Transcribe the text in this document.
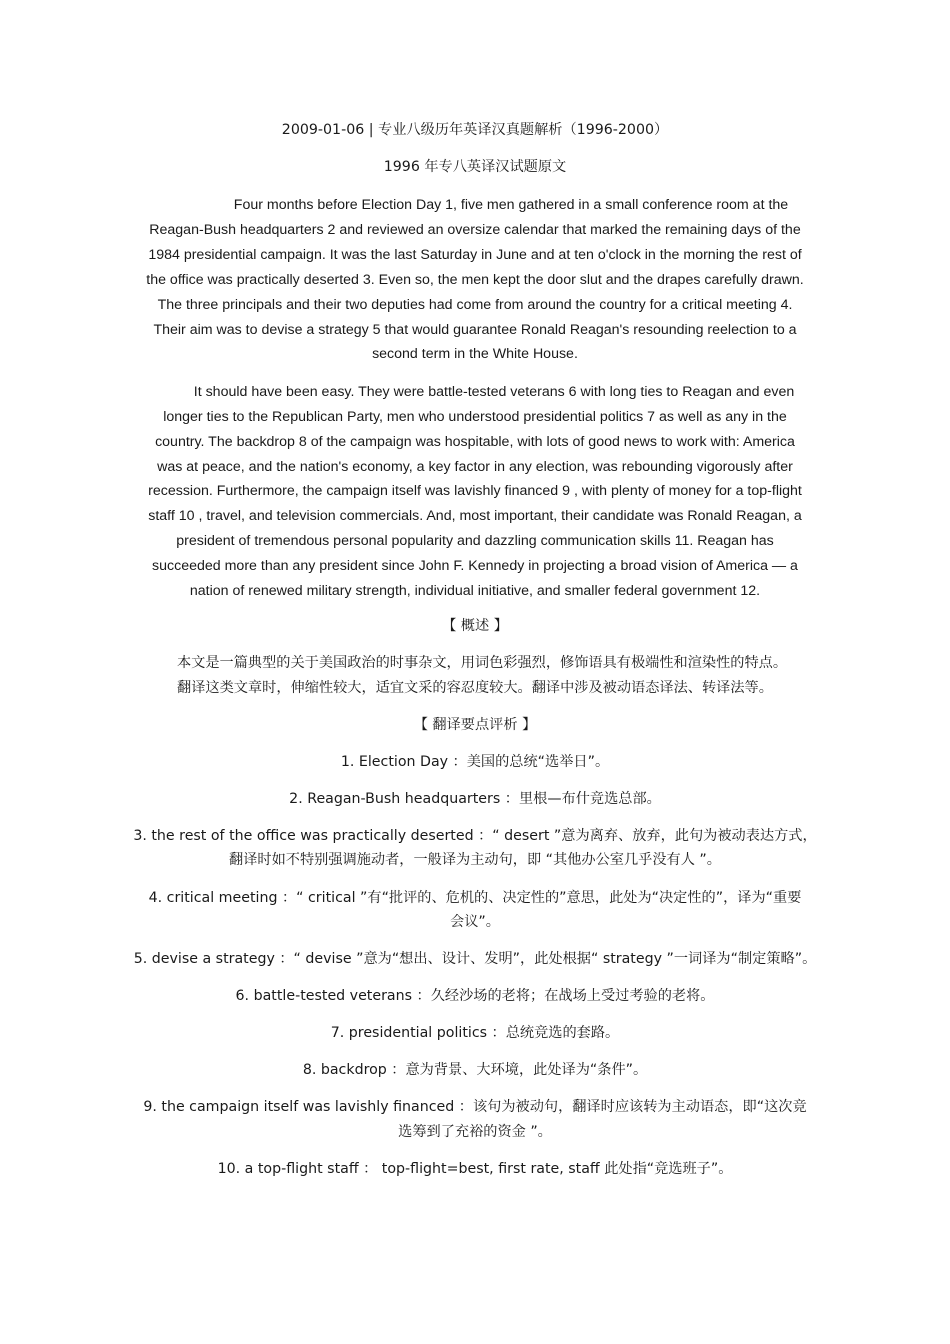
2009-01-06 | 专业八级历年英译汉真题解析（1996-2000）

1996 年专八英译汉试题原文

Four months before Election Day 1, five men gathered in a small conference room at the

Reagan-Bush headquarters 2 and reviewed an oversize calendar that marked the remaining days of the

1984 presidential campaign. It was the last Saturday in June and at ten o'clock in the morning the rest of

the office was practically deserted 3. Even so, the men kept the door slut and the drapes carefully drawn.

The three principals and their two deputies had come from around the country for a critical meeting 4.

Their aim was to devise a strategy 5 that would guarantee Ronald Reagan's resounding reelection to a

second term in the White House.

It should have been easy. They were battle-tested veterans 6 with long ties to Reagan and even

longer ties to the Republican Party, men who understood presidential politics 7 as well as any in the

country. The backdrop 8 of the campaign was hospitable, with lots of good news to work with: America

was at peace, and the nation's economy, a key factor in any election, was rebounding vigorously after

recession. Furthermore, the campaign itself was lavishly financed 9 , with plenty of money for a top-flight

staff 10 , travel, and television commercials. And, most important, their candidate was Ronald Reagan, a

president of tremendous personal popularity and dazzling communication skills 11. Reagan has

succeeded more than any president since John F. Kennedy in projecting a broad vision of America — a

nation of renewed military strength, individual initiative, and smaller federal government 12.

【 概述 】

本文是一篇典型的关于美国政治的时事杂文，用词色彩强烈，修饰语具有极端性和渲染性的特点。

翻译这类文章时，伸缩性较大，适宜文采的容忍度较大。翻译中涉及被动语态译法、转译法等。

【 翻译要点评析 】

1. Election Day ：美国的总统“选举日”。

2. Reagan-Bush headquarters ：里根—布什竞选总部。

3. the rest of the office was practically deserted ：“ desert ”意为离弃、放弃，此句为被动表达方式，

翻译时如不特别强调施动者，一般译为主动句，即 “其他办公室几乎没有人 ”。

4. critical meeting ：“ critical ”有“批评的、危机的、决定性的”意思，此处为“决定性的”，译为“重要

会议”。

5. devise a strategy ：“ devise ”意为“想出、设计、发明”，此处根据“ strategy ”一词译为“制定策略”。

6. battle-tested veterans ：久经沙场的老将；在战场上受过考验的老将。

7. presidential politics ：总统竞选的套路。

8. backdrop ：意为背景、大环境，此处译为“条件”。

9. the campaign itself was lavishly financed ：该句为被动句，翻译时应该转为主动语态，即“这次竞

选筹到了充裕的资金 ”。

10. a top-flight staff ： top-flight=best, first rate, staff 此处指“竞选班子”。
